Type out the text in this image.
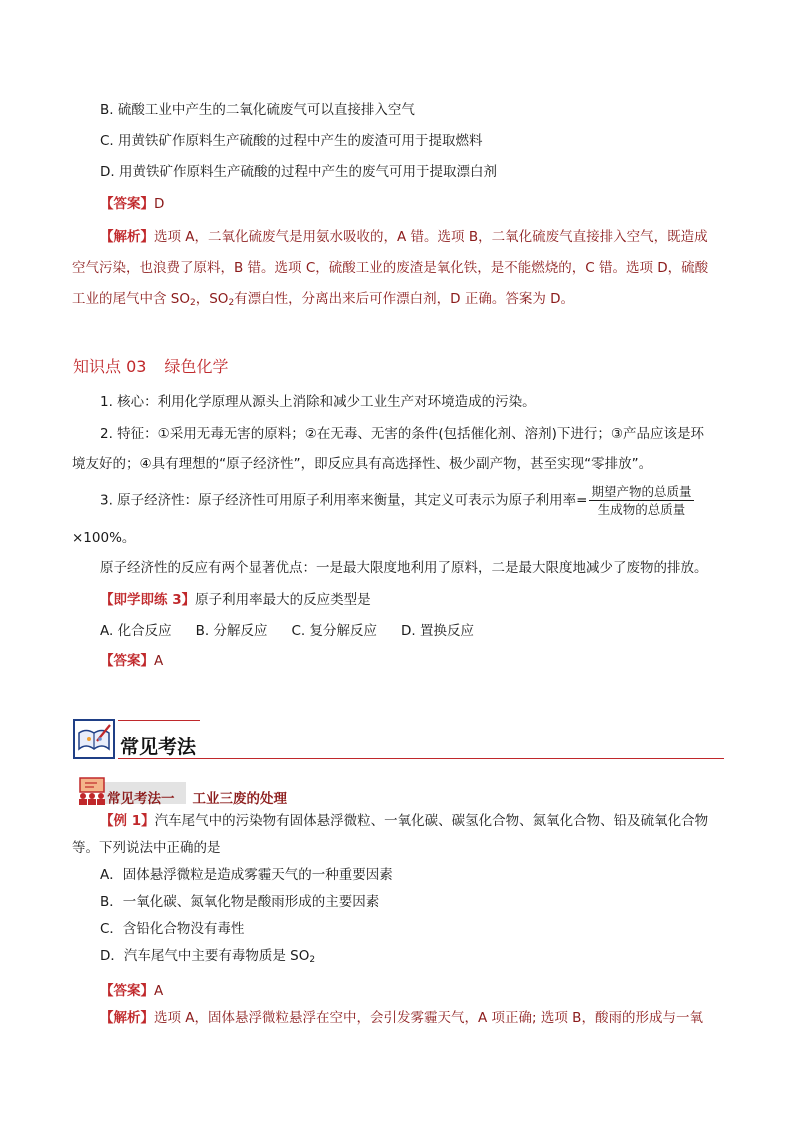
B. 硫酸工业中产生的二氧化硫废气可以直接排入空气
C. 用黄铁矿作原料生产硫酸的过程中产生的废渣可用于提取燃料
D. 用黄铁矿作原料生产硫酸的过程中产生的废气可用于提取漂白剂
【答案】D
【解析】选项 A，二氧化硫废气是用氨水吸收的，A 错。选项 B，二氧化硫废气直接排入空气，既造成
空气污染，也浪费了原料，B 错。选项 C，硫酸工业的废渣是氧化铁，是不能燃烧的，C 错。选项 D，硫酸
工业的尾气中含 $SO_2$，$SO_2$有漂白性，分离出来后可作漂白剂，D 正确。答案为 D。
知识点 03 绿色化学
1. 核心：利用化学原理从源头上消除和减少工业生产对环境造成的污染。
2. 特征：①采用无毒无害的原料；②在无毒、无害的条件(包括催化剂、溶剂)下进行；③产品应该是环
境友好的；④具有理想的“原子经济性”，即反应具有高选择性、极少副产物，甚至实现“零排放”。
3. 原子经济性：原子经济性可用原子利用率来衡量，其定义可表示为原子利用率= $\frac{\text{期望产物的总质量}}{\text{生成物的总质量}}$
×100%。
原子经济性的反应有两个显著优点：一是最大限度地利用了原料，二是最大限度地减少了废物的排放。
【即学即练 3】原子利用率最大的反应类型是
A. 化合反应 B. 分解反应 C. 复分解反应 D. 置换反应
【答案】A
常见考法
常见考法一 工业三废的处理
【例 1】汽车尾气中的污染物有固体悬浮微粒、一氧化碳、碳氢化合物、氮氧化合物、铅及硫氧化合物
等。下列说法中正确的是
A．固体悬浮微粒是造成雾霾天气的一种重要因素
B．一氧化碳、氮氧化物是酸雨形成的主要因素
C．含铅化合物没有毒性
D．汽车尾气中主要有毒物质是 $SO_2$
【答案】A
【解析】选项 A，固体悬浮微粒悬浮在空中，会引发雾霾天气，A 项正确; 选项 B，酸雨的形成与一氧
